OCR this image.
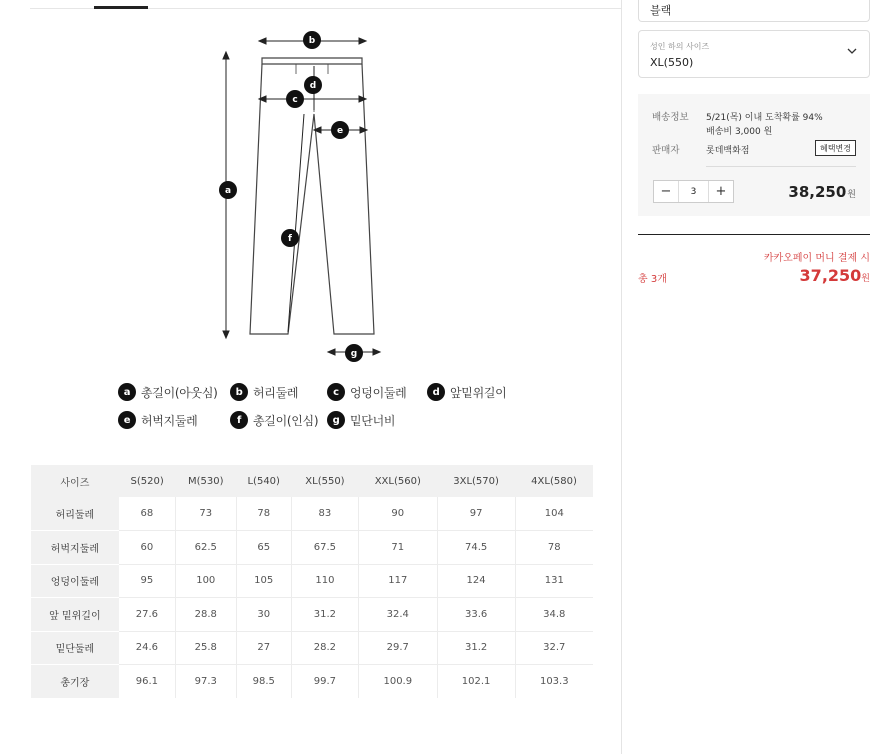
a
b
c
d
e
f
g
a 총길이(아웃심)	b 허리둘레	c 엉덩이둘레	d 앞밑위길이
e 허벅지둘레	f 총길이(인심)	g 밑단너비
사이즈	S(520)	M(530)	L(540)	XL(550)	XXL(560)	3XL(570)	4XL(580)
허리둘레	68	73	78	83	90	97	104
허벅지둘레	60	62.5	65	67.5	71	74.5	78
엉덩이둘레	95	100	105	110	117	124	131
앞 밑위길이	27.6	28.8	30	31.2	32.4	33.6	34.8
밑단둘레	24.6	25.8	27	28.2	29.7	31.2	32.7
총기장	96.1	97.3	98.5	99.7	100.9	102.1	103.3
블랙
성인 하의 사이즈
XL(550)
배송정보 5/21(목) 이내 도착확률 94%
배송비 3,000 원
판매자	롯데백화점	혜택변경
−	3	+	38,250원
카카오페이 머니 결제 시
총 3개	37,250원
